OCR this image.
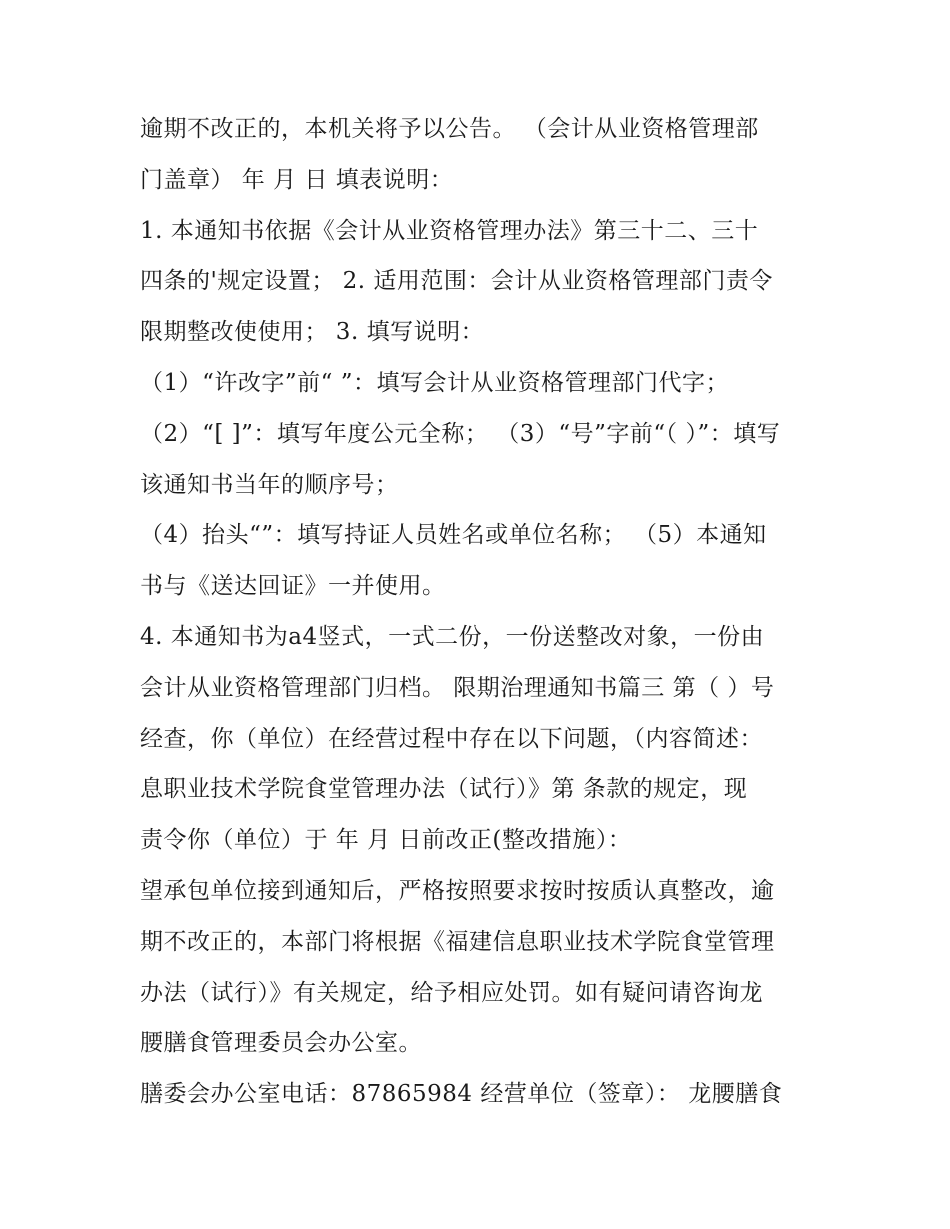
逾期不改正的，本机关将予以公告。 （会计从业资格管理部
门盖章） 年 月 日 填表说明：
1. 本通知书依据《会计从业资格管理办法》第三十二、三十
四条的'规定设置； 2. 适用范围：会计从业资格管理部门责令
限期整改使使用； 3. 填写说明：
（1）“许改字”前“ ”：填写会计从业资格管理部门代字；
（2）“[ ]”：填写年度公元全称； （3）“号”字前“（ ）”：填写
该通知书当年的顺序号；
（4）抬头“”：填写持证人员姓名或单位名称； （5）本通知
书与《送达回证》一并使用。
4. 本通知书为a4竖式，一式二份，一份送整改对象，一份由
会计从业资格管理部门归档。 限期治理通知书篇三 第（ ）号
经查，你（单位）在经营过程中存在以下问题，（内容简述：
息职业技术学院食堂管理办法（试行）》第 条款的规定，现
责令你（单位）于 年 月 日前改正(整改措施）：
望承包单位接到通知后，严格按照要求按时按质认真整改，逾
期不改正的，本部门将根据《福建信息职业技术学院食堂管理
办法（试行）》有关规定，给予相应处罚。如有疑问请咨询龙
腰膳食管理委员会办公室。
膳委会办公室电话：87865984 经营单位（签章）： 龙腰膳食
